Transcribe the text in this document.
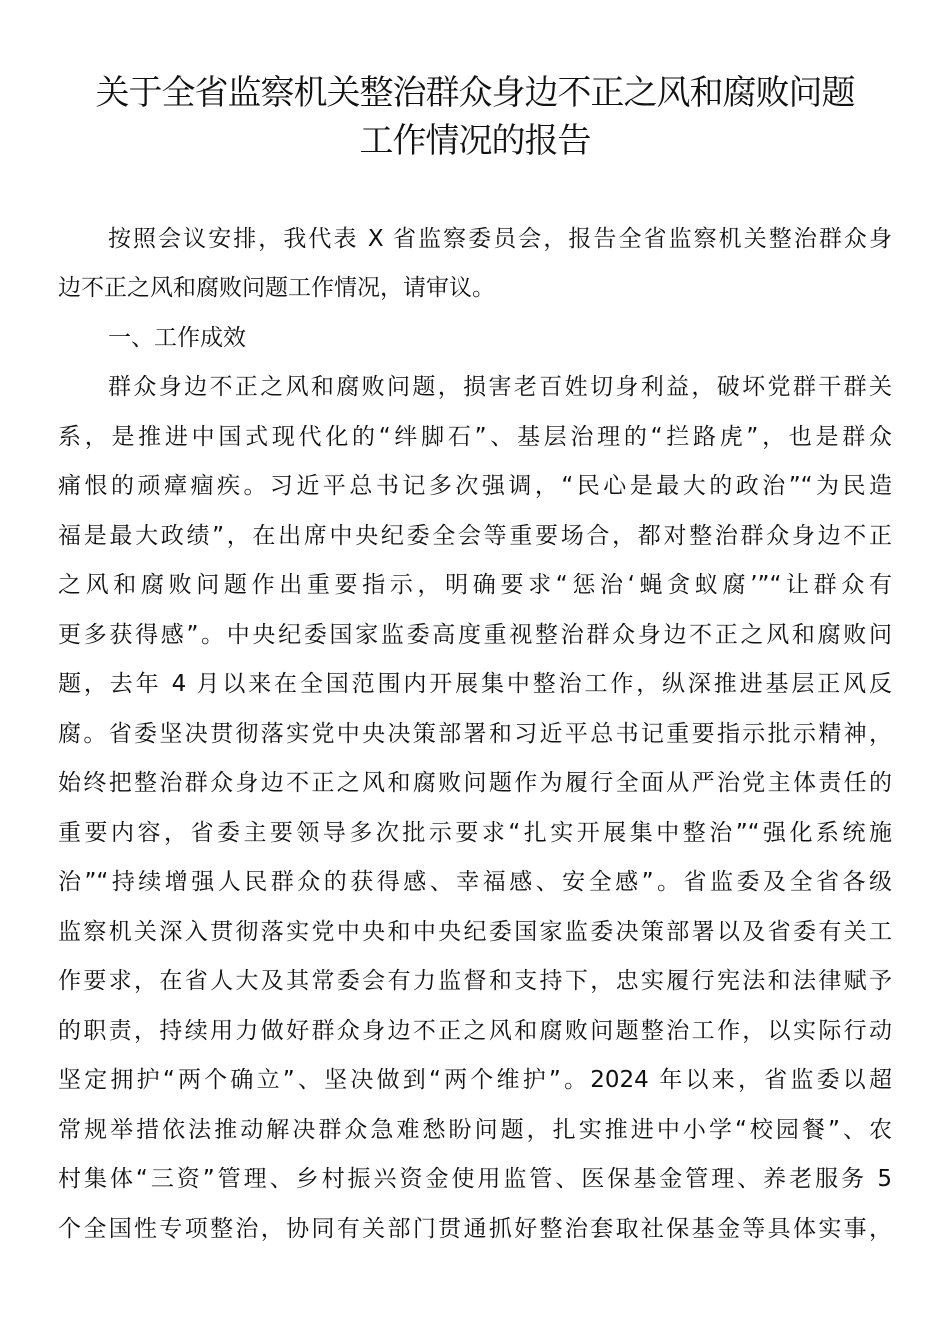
关于全省监察机关整治群众身边不正之风和腐败问题
工作情况的报告
按照会议安排，我代表 X 省监察委员会，报告全省监察机关整治群众身
边不正之风和腐败问题工作情况，请审议。
一、工作成效
群众身边不正之风和腐败问题，损害老百姓切身利益，破坏党群干群关
系，是推进中国式现代化的“绊脚石”、基层治理的“拦路虎”，也是群众
痛恨的顽瘴痼疾。习近平总书记多次强调，“民心是最大的政治”“为民造
福是最大政绩”，在出席中央纪委全会等重要场合，都对整治群众身边不正
之风和腐败问题作出重要指示，明确要求“惩治‘蝇贪蚁腐’”“让群众有
更多获得感”。中央纪委国家监委高度重视整治群众身边不正之风和腐败问
题，去年 4 月以来在全国范围内开展集中整治工作，纵深推进基层正风反
腐。省委坚决贯彻落实党中央决策部署和习近平总书记重要指示批示精神，
始终把整治群众身边不正之风和腐败问题作为履行全面从严治党主体责任的
重要内容，省委主要领导多次批示要求“扎实开展集中整治”“强化系统施
治”“持续增强人民群众的获得感、幸福感、安全感”。省监委及全省各级
监察机关深入贯彻落实党中央和中央纪委国家监委决策部署以及省委有关工
作要求，在省人大及其常委会有力监督和支持下，忠实履行宪法和法律赋予
的职责，持续用力做好群众身边不正之风和腐败问题整治工作，以实际行动
坚定拥护“两个确立”、坚决做到“两个维护”。2024 年以来，省监委以超
常规举措依法推动解决群众急难愁盼问题，扎实推进中小学“校园餐”、农
村集体“三资”管理、乡村振兴资金使用监管、医保基金管理、养老服务 5
个全国性专项整治，协同有关部门贯通抓好整治套取社保基金等具体实事，
